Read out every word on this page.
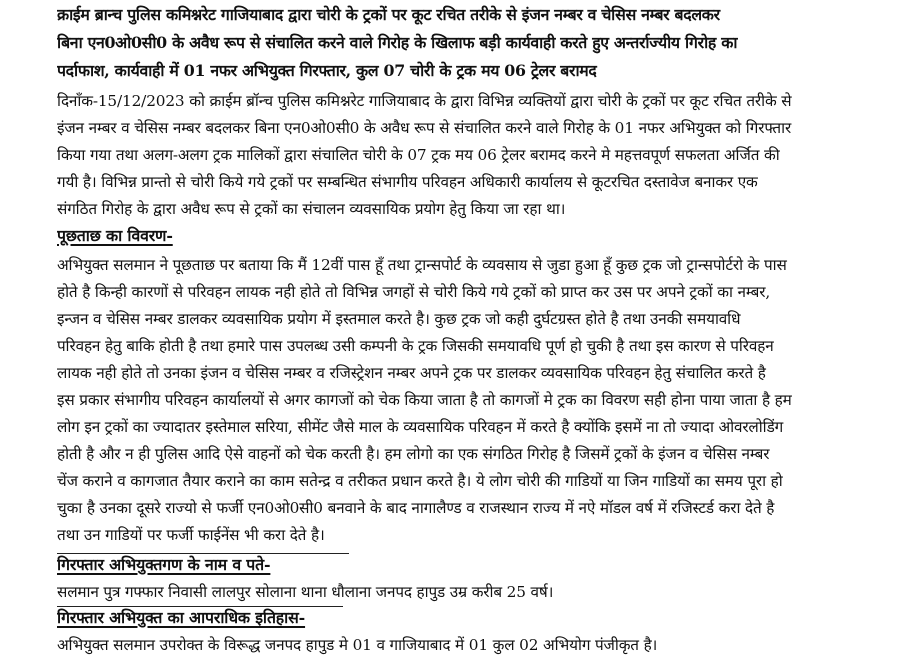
क्राईम ब्रान्च पुलिस कमिश्नरेट गाजियाबाद द्वारा चोरी के ट्रकों पर कूट रचित तरीके से इंजन नम्बर व चेसिस नम्बर बदलकर
बिना एन0ओ0सी0 के अवैध रूप से संचालित करने वाले गिरोह के खिलाफ बड़ी कार्यवाही करते हुए अन्तर्राज्यीय गिरोह का
पर्दाफाश, कार्यवाही में 01 नफर अभियुक्त गिरफ्तार, कुल 07 चोरी के ट्रक मय 06 ट्रेलर बरामद
दिनाँक-15/12/2023 को क्राईम ब्रॉन्च पुलिस कमिश्नरेट गाजियाबाद के द्वारा विभिन्न व्यक्तियों द्वारा चोरी के ट्रकों पर कूट रचित तरीके से
इंजन नम्बर व चेसिस नम्बर बदलकर बिना एन0ओ0सी0 के अवैध रूप से संचालित करने वाले गिरोह के 01 नफर अभियुक्त को गिरफ्तार
किया गया तथा अलग-अलग ट्रक मालिकों द्वारा संचालित चोरी के 07 ट्रक मय 06 ट्रेलर बरामद करने मे महत्तवपूर्ण सफलता अर्जित की
गयी है। विभिन्न प्रान्तो से चोरी किये गये ट्रकों पर सम्बन्धित संभागीय परिवहन अधिकारी कार्यालय से कूटरचित दस्तावेज बनाकर एक
संगठित गिरोह के द्वारा अवैध रूप से ट्रकों का संचालन व्यवसायिक प्रयोग हेतु किया जा रहा था।
पूछताछ का विवरण-
अभियुक्त सलमान ने पूछताछ पर बताया कि मैं 12वीं पास हूँ तथा ट्रान्सपोर्ट के व्यवसाय से जुडा हुआ हूँ कुछ ट्रक जो ट्रान्सपोर्टरो के पास
होते है किन्ही कारणों से परिवहन लायक नही होते तो विभिन्न जगहों से चोरी किये गये ट्रकों को प्राप्त कर उस पर अपने ट्रकों का नम्बर,
इन्जन व चेसिस नम्बर डालकर व्यवसायिक प्रयोग में इस्तमाल करते है। कुछ ट्रक जो कही दुर्घटग्रस्त होते है तथा उनकी समयावधि
परिवहन हेतु बाकि होती है तथा हमारे पास उपलब्ध उसी कम्पनी के ट्रक जिसकी समयावधि पूर्ण हो चुकी है तथा इस कारण से परिवहन
लायक नही होते तो उनका इंजन व चेसिस नम्बर व रजिस्ट्रेशन नम्बर अपने ट्रक पर डालकर व्यवसायिक परिवहन हेतु संचालित करते है
इस प्रकार संभागीय परिवहन कार्यालयों से अगर कागजों को चेक किया जाता है तो कागजों मे ट्रक का विवरण सही होना पाया जाता है हम
लोग इन ट्रकों का ज्यादातर इस्तेमाल सरिया, सीमेंट जैसे माल के व्यवसायिक परिवहन में करते है क्योंकि इसमें ना तो ज्यादा ओवरलोडिंग
होती है और न ही पुलिस आदि ऐसे वाहनों को चेक करती है। हम लोगो का एक संगठित गिरोह है जिसमें ट्रकों के इंजन व चेसिस नम्बर
चेंज कराने व कागजात तैयार कराने का काम सतेन्द्र व तरीकत प्रधान करते है। ये लोग चोरी की गाडियों या जिन गाडियों का समय पूरा हो
चुका है उनका दूसरे राज्यो से फर्जी एन0ओ0सी0 बनवाने के बाद नागालैण्ड व राजस्थान राज्य में नऐ मॉडल वर्ष में रजिस्टर्ड करा देते है
तथा उन गाडियों पर फर्जी फाईनेंस भी करा देते है।
गिरफ्तार अभियुक्तगण के नाम व पते-
सलमान पुत्र गफ्फार निवासी लालपुर सोलाना थाना धौलाना जनपद हापुड उम्र करीब 25 वर्ष।
गिरफ्तार अभियुक्त का आपराधिक इतिहास-
अभियुक्त सलमान उपरोक्त के विरूद्ध जनपद हापुड मे 01 व गाजियाबाद में 01 कुल 02 अभियोग पंजीकृत है।
